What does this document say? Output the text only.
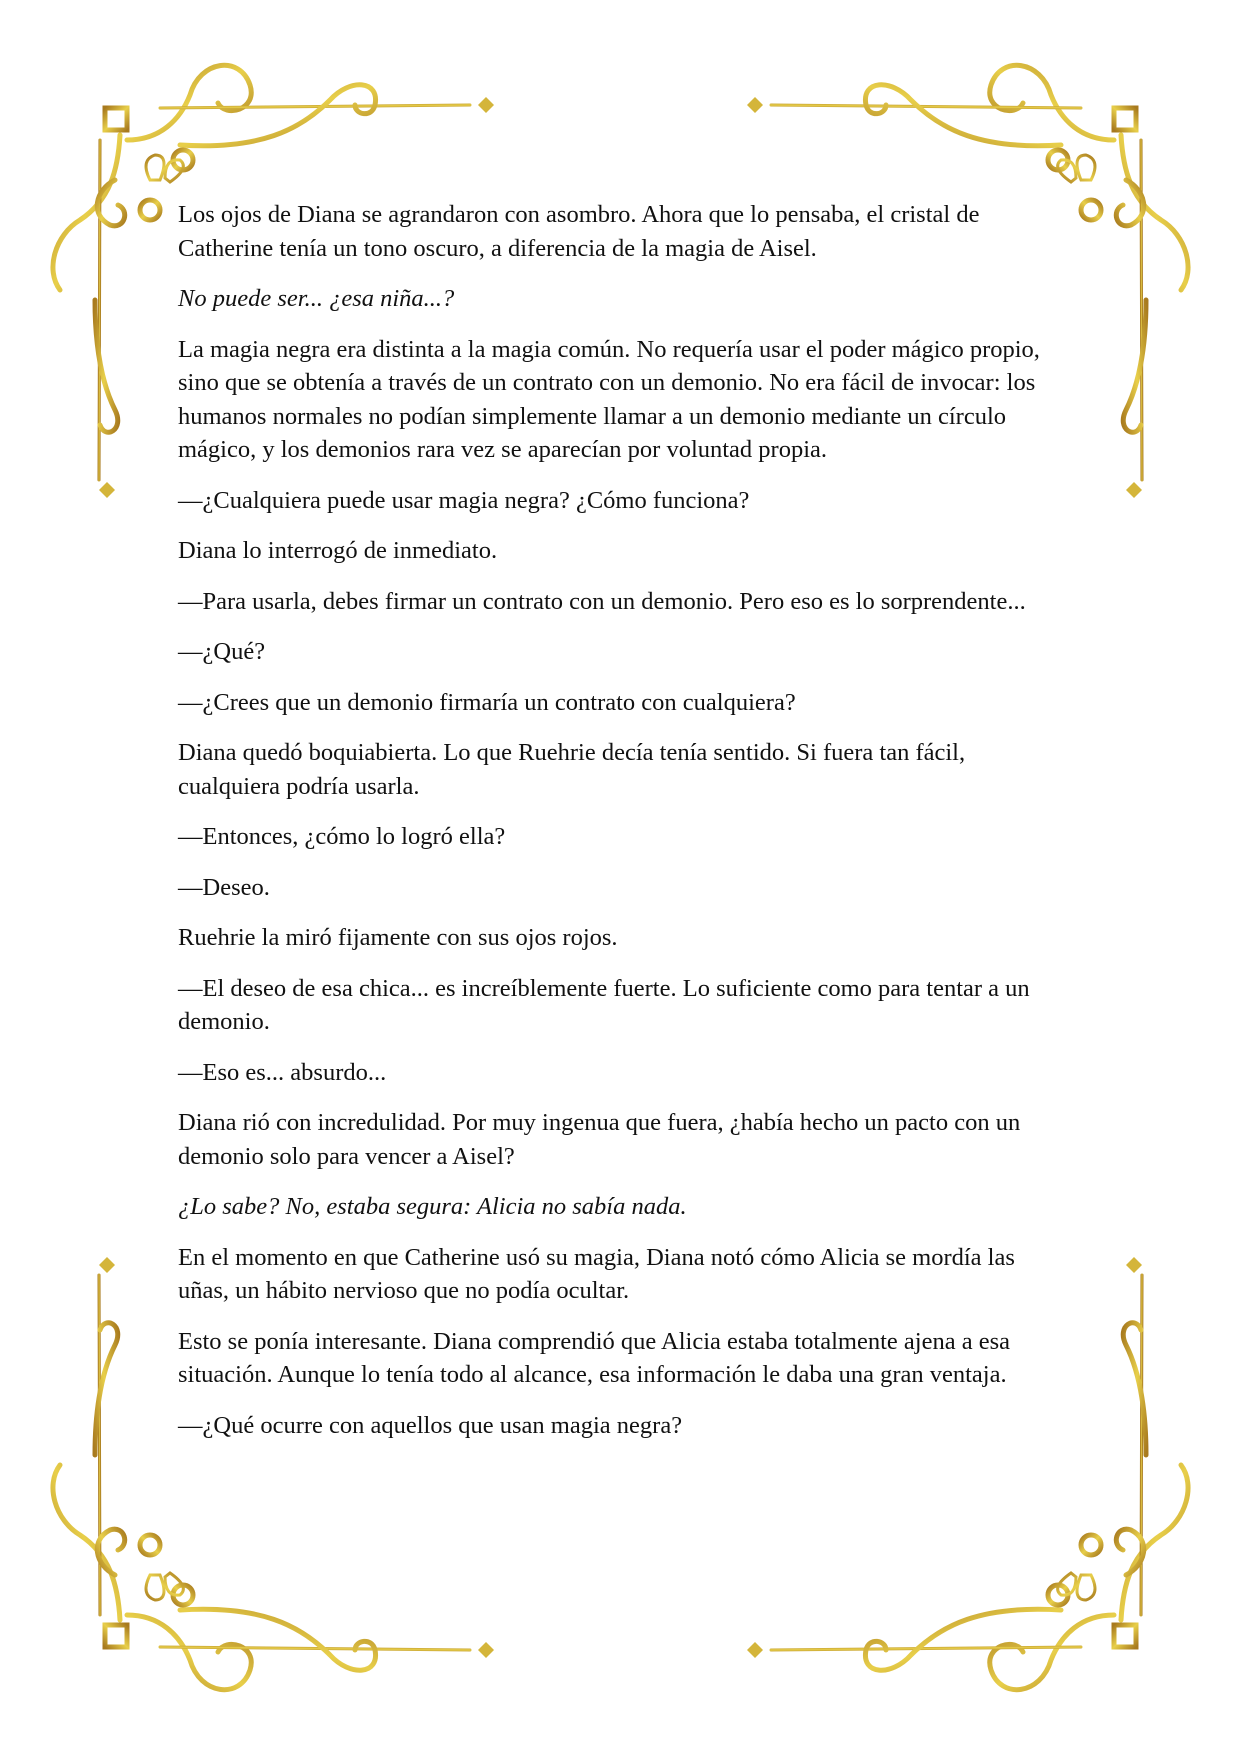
Los ojos de Diana se agrandaron con asombro. Ahora que lo pensaba, el cristal de Catherine tenía un tono oscuro, a diferencia de la magia de Aisel.

No puede ser... ¿esa niña...?

La magia negra era distinta a la magia común. No requería usar el poder mágico propio, sino que se obtenía a través de un contrato con un demonio. No era fácil de invocar: los humanos normales no podían simplemente llamar a un demonio mediante un círculo mágico, y los demonios rara vez se aparecían por voluntad propia.

—¿Cualquiera puede usar magia negra? ¿Cómo funciona?

Diana lo interrogó de inmediato.

—Para usarla, debes firmar un contrato con un demonio. Pero eso es lo sorprendente...

—¿Qué?

—¿Crees que un demonio firmaría un contrato con cualquiera?

Diana quedó boquiabierta. Lo que Ruehrie decía tenía sentido. Si fuera tan fácil, cualquiera podría usarla.

—Entonces, ¿cómo lo logró ella?

—Deseo.

Ruehrie la miró fijamente con sus ojos rojos.

—El deseo de esa chica... es increíblemente fuerte. Lo suficiente como para tentar a un demonio.

—Eso es... absurdo...

Diana rió con incredulidad. Por muy ingenua que fuera, ¿había hecho un pacto con un demonio solo para vencer a Aisel?

¿Lo sabe? No, estaba segura: Alicia no sabía nada.

En el momento en que Catherine usó su magia, Diana notó cómo Alicia se mordía las uñas, un hábito nervioso que no podía ocultar.

Esto se ponía interesante. Diana comprendió que Alicia estaba totalmente ajena a esa situación. Aunque lo tenía todo al alcance, esa información le daba una gran ventaja.

—¿Qué ocurre con aquellos que usan magia negra?
